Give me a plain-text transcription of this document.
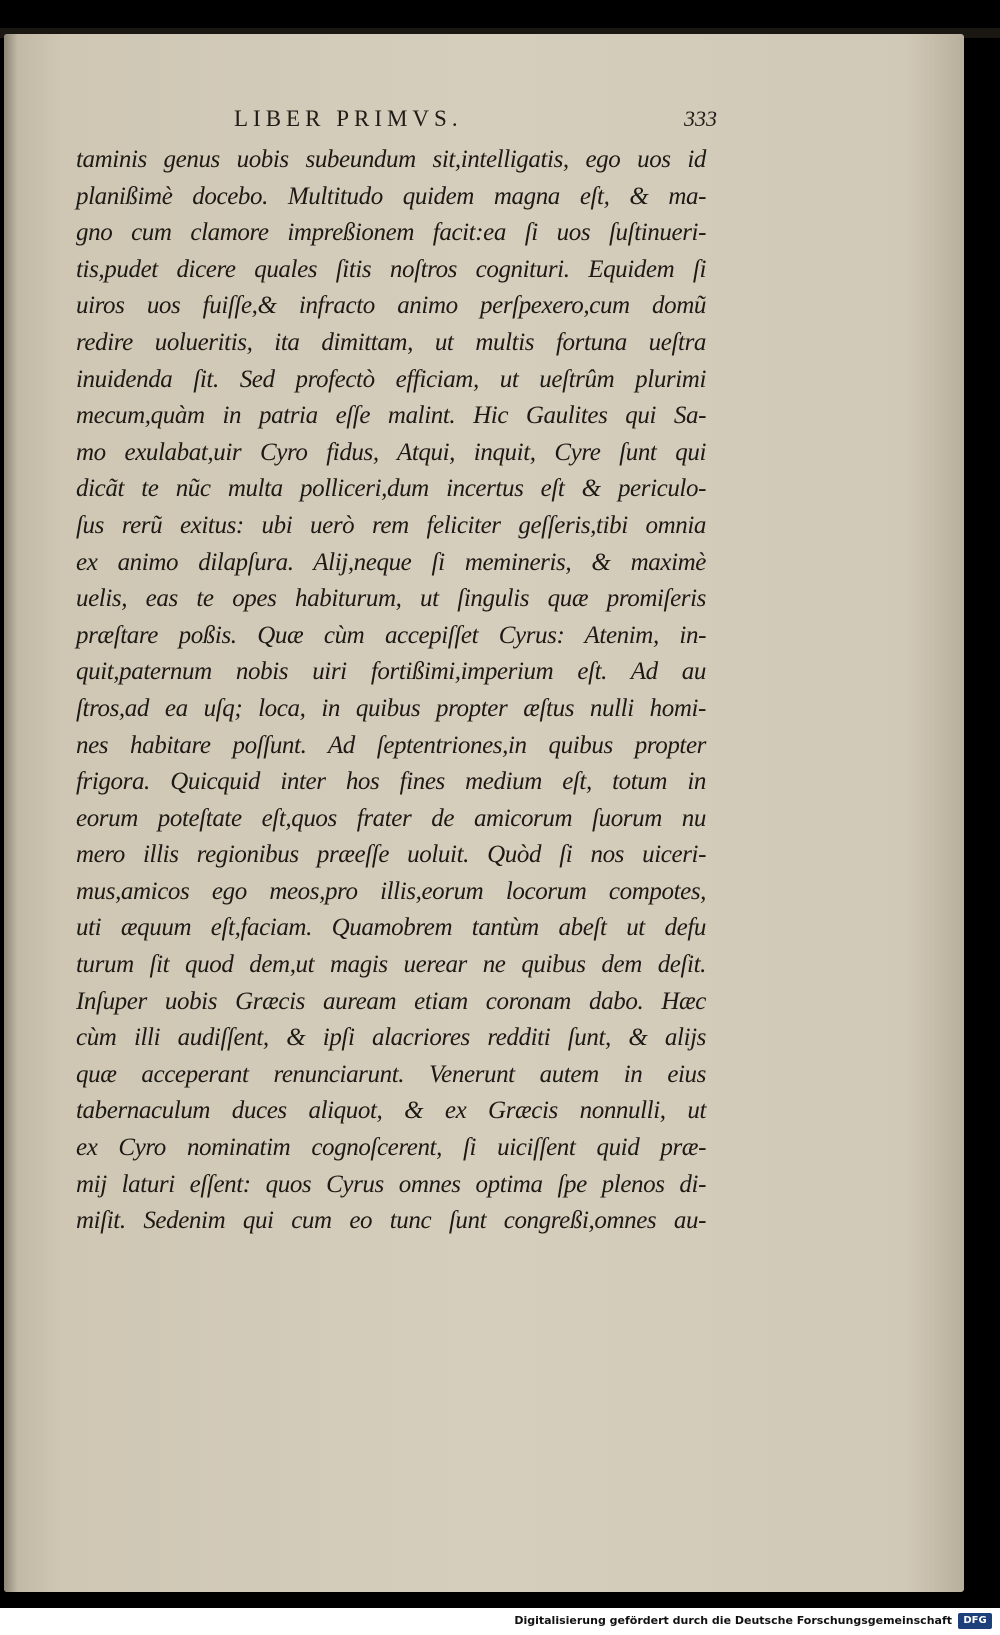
LIBER PRIMVS.	333
taminis genus uobis subeundum sit,intelligatis, ego uos id
planißimè docebo. Multitudo quidem magna eſt, & ma-
gno cum clamore impreßionem facit:ea ſi uos ſuſtinueri-
tis,pudet dicere quales ſitis noſtros cognituri. Equidem ſi
uiros uos fuiſſe,& infracto animo perſpexero,cum domũ
redire uolueritis, ita dimittam, ut multis fortuna ueſtra
inuidenda ſit. Sed profectò efficiam, ut ueſtrûm plurimi
mecum,quàm in patria eſſe malint. Hic Gaulites qui Sa-
mo exulabat,uir Cyro fidus, Atqui, inquit, Cyre ſunt qui
dicãt te nũc multa polliceri,dum incertus eſt & periculo-
ſus rerũ exitus: ubi uerò rem feliciter geſſeris,tibi omnia
ex animo dilapſura. Alij,neque ſi memineris, & maximè
uelis, eas te opes habiturum, ut ſingulis quæ promiſeris
præſtare poßis. Quæ cùm accepiſſet Cyrus: Atenim, in-
quit,paternum nobis uiri fortißimi,imperium eſt. Ad au
ſtros,ad ea uſq; loca, in quibus propter æſtus nulli homi-
nes habitare poſſunt. Ad ſeptentriones,in quibus propter
frigora. Quicquid inter hos fines medium eſt, totum in
eorum poteſtate eſt,quos frater de amicorum ſuorum nu
mero illis regionibus præeſſe uoluit. Quòd ſi nos uiceri-
mus,amicos ego meos,pro illis,eorum locorum compotes,
uti æquum eſt,faciam. Quamobrem tantùm abeſt ut defu
turum ſit quod dem,ut magis uerear ne quibus dem deſit.
Inſuper uobis Græcis auream etiam coronam dabo. Hæc
cùm illi audiſſent, & ipſi alacriores redditi ſunt, & alijs
quæ acceperant renunciarunt. Venerunt autem in eius
tabernaculum duces aliquot, & ex Græcis nonnulli, ut
ex Cyro nominatim cognoſcerent, ſi uiciſſent quid præ-
mij laturi eſſent: quos Cyrus omnes optima ſpe plenos di-
miſit. Sedenim qui cum eo tunc ſunt congreßi,omnes au-
Digitalisierung gefördert durch die Deutsche Forschungsgemeinschaft	DFG
